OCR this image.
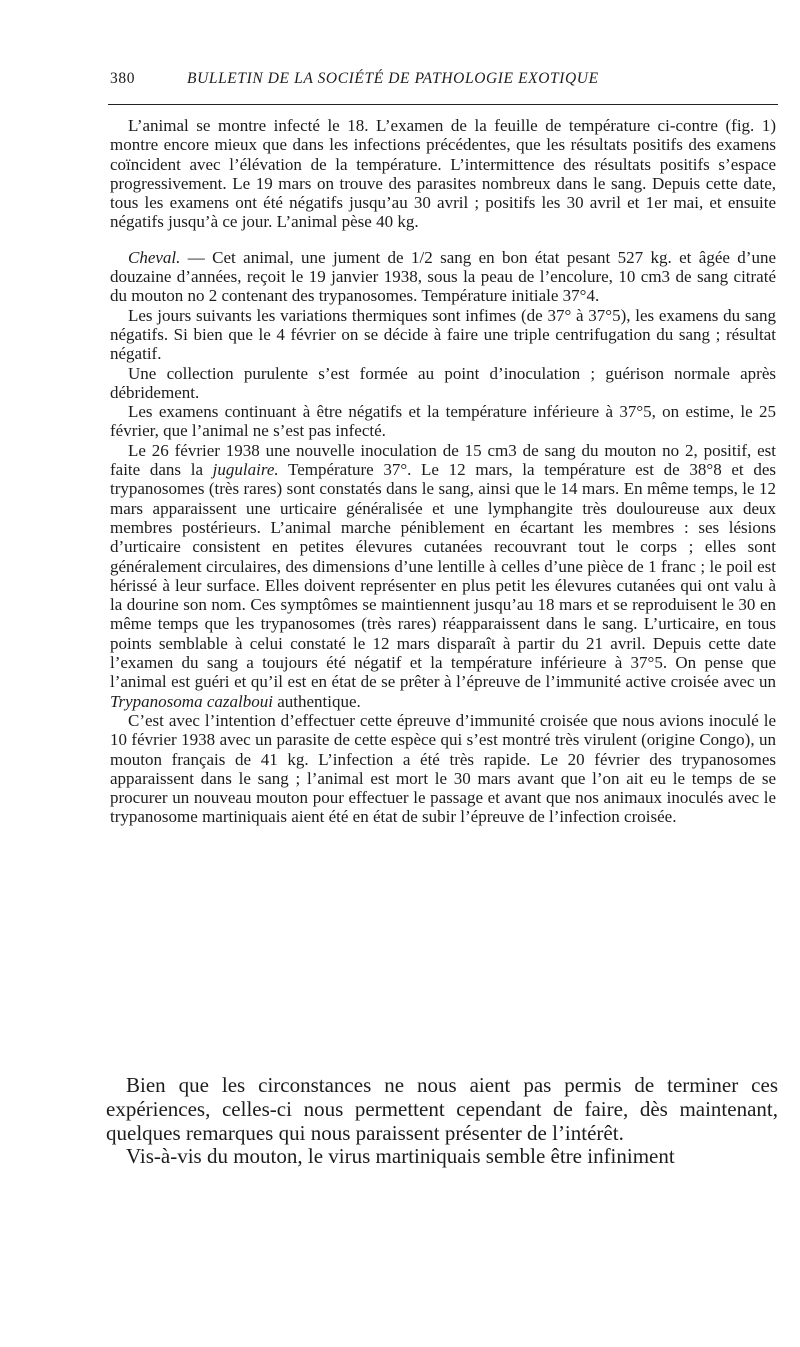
380	BULLETIN DE LA SOCIÉTÉ DE PATHOLOGIE EXOTIQUE

L’animal se montre infecté le 18. L’examen de la feuille de température ci-contre (fig. 1) montre encore mieux que dans les infections précédentes, que les résultats positifs des examens coïncident avec l’élévation de la température. L’intermittence des résultats positifs s’espace progressivement. Le 19 mars on trouve des parasites nombreux dans le sang. Depuis cette date, tous les examens ont été négatifs jusqu’au 30 avril ; positifs les 30 avril et 1er mai, et ensuite négatifs jusqu’à ce jour. L’animal pèse 40 kg.

Cheval. — Cet animal, une jument de 1/2 sang en bon état pesant 527 kg. et âgée d’une douzaine d’années, reçoit le 19 janvier 1938, sous la peau de l’encolure, 10 cm3 de sang citraté du mouton no 2 contenant des trypanosomes. Température initiale 37°4.

Les jours suivants les variations thermiques sont infimes (de 37° à 37°5), les examens du sang négatifs. Si bien que le 4 février on se décide à faire une triple centrifugation du sang ; résultat négatif.

Une collection purulente s’est formée au point d’inoculation ; guérison normale après débridement.

Les examens continuant à être négatifs et la température inférieure à 37°5, on estime, le 25 février, que l’animal ne s’est pas infecté.

Le 26 février 1938 une nouvelle inoculation de 15 cm3 de sang du mouton no 2, positif, est faite dans la jugulaire. Température 37°. Le 12 mars, la température est de 38°8 et des trypanosomes (très rares) sont constatés dans le sang, ainsi que le 14 mars. En même temps, le 12 mars apparaissent une urticaire généralisée et une lymphangite très douloureuse aux deux membres postérieurs. L’animal marche péniblement en écartant les membres : ses lésions d’urticaire consistent en petites élevures cutanées recouvrant tout le corps ; elles sont généralement circulaires, des dimensions d’une lentille à celles d’une pièce de 1 franc ; le poil est hérissé à leur surface. Elles doivent représenter en plus petit les élevures cutanées qui ont valu à la dourine son nom. Ces symptômes se maintiennent jusqu’au 18 mars et se reproduisent le 30 en même temps que les trypanosomes (très rares) réapparaissent dans le sang. L’urticaire, en tous points semblable à celui constaté le 12 mars disparaît à partir du 21 avril. Depuis cette date l’examen du sang a toujours été négatif et la température inférieure à 37°5. On pense que l’animal est guéri et qu’il est en état de se prêter à l’épreuve de l’immunité active croisée avec un Trypanosoma cazalboui authentique.

C’est avec l’intention d’effectuer cette épreuve d’immunité croisée que nous avions inoculé le 10 février 1938 avec un parasite de cette espèce qui s’est montré très virulent (origine Congo), un mouton français de 41 kg. L’infection a été très rapide. Le 20 février des trypanosomes apparaissent dans le sang ; l’animal est mort le 30 mars avant que l’on ait eu le temps de se procurer un nouveau mouton pour effectuer le passage et avant que nos animaux inoculés avec le trypanosome martiniquais aient été en état de subir l’épreuve de l’infection croisée.

Bien que les circonstances ne nous aient pas permis de terminer ces expériences, celles-ci nous permettent cependant de faire, dès maintenant, quelques remarques qui nous paraissent présenter de l’intérêt.

Vis-à-vis du mouton, le virus martiniquais semble être infiniment
